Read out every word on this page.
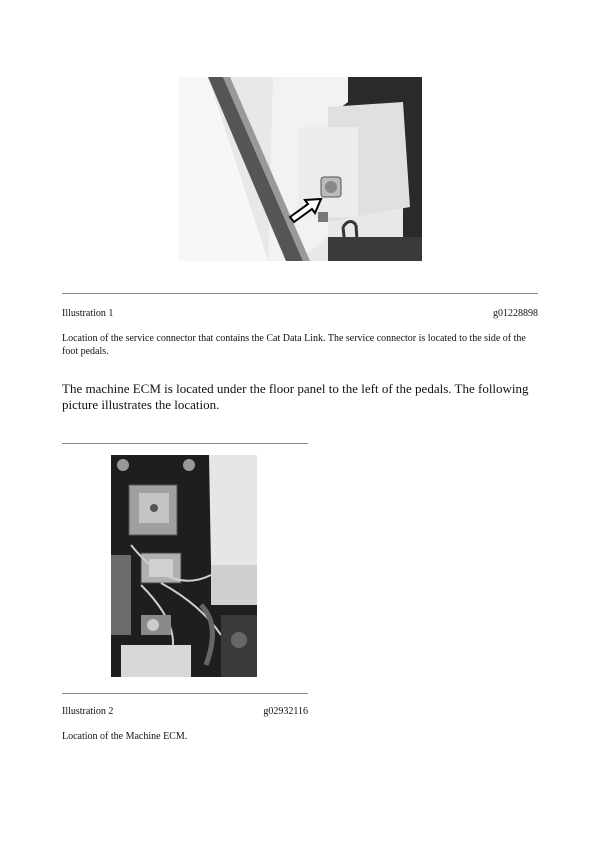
Illustration 1	g01228898
Location of the service connector that contains the Cat Data Link. The service connector is located to the side of the foot pedals.
The machine ECM is located under the floor panel to the left of the pedals. The following picture illustrates the location.
Illustration 2	g02932116
Location of the Machine ECM.
